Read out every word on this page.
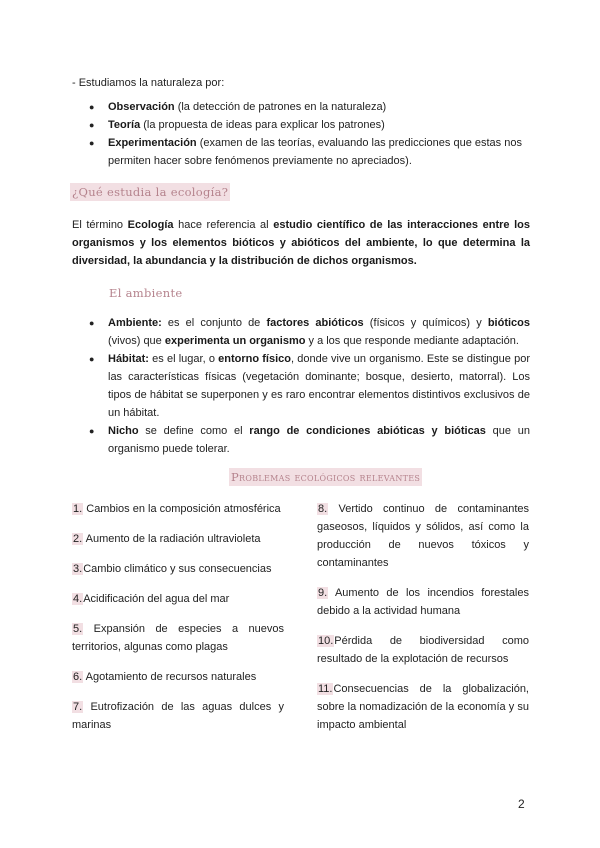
- Estudiamos la naturaleza por:

● Observación (la detección de patrones en la naturaleza)
● Teoría (la propuesta de ideas para explicar los patrones)
● Experimentación (examen de las teorías, evaluando las predicciones que estas nos permiten hacer sobre fenómenos previamente no apreciados).
¿Qué estudia la ecología?

El término Ecología hace referencia al estudio científico de las interacciones entre los organismos y los elementos bióticos y abióticos del ambiente, lo que determina la diversidad, la abundancia y la distribución de dichos organismos.

El ambiente
● Ambiente: es el conjunto de factores abióticos (físicos y químicos) y bióticos (vivos) que experimenta un organismo y a los que responde mediante adaptación.
● Hábitat: es el lugar, o entorno físico, donde vive un organismo. Este se distingue por las características físicas (vegetación dominante; bosque, desierto, matorral). Los tipos de hábitat se superponen y es raro encontrar elementos distintivos exclusivos de un hábitat.
● Nicho se define como el rango de condiciones abióticas y bióticas que un organismo puede tolerar.
Problemas ecológicos relevantes

1. Cambios en la composición atmosférica

2. Aumento de la radiación ultravioleta

3.Cambio climático y sus consecuencias

4.Acidificación del agua del mar

5. Expansión de especies a nuevos territorios, algunas como plagas

6. Agotamiento de recursos naturales

7. Eutrofización de las aguas dulces y marinas

8. Vertido continuo de contaminantes gaseosos, líquidos y sólidos, así como la producción de nuevos tóxicos y contaminantes

9. Aumento de los incendios forestales debido a la actividad humana

10.Pérdida de biodiversidad como resultado de la explotación de recursos

11.Consecuencias de la globalización, sobre la nomadización de la economía y su impacto ambiental

2
